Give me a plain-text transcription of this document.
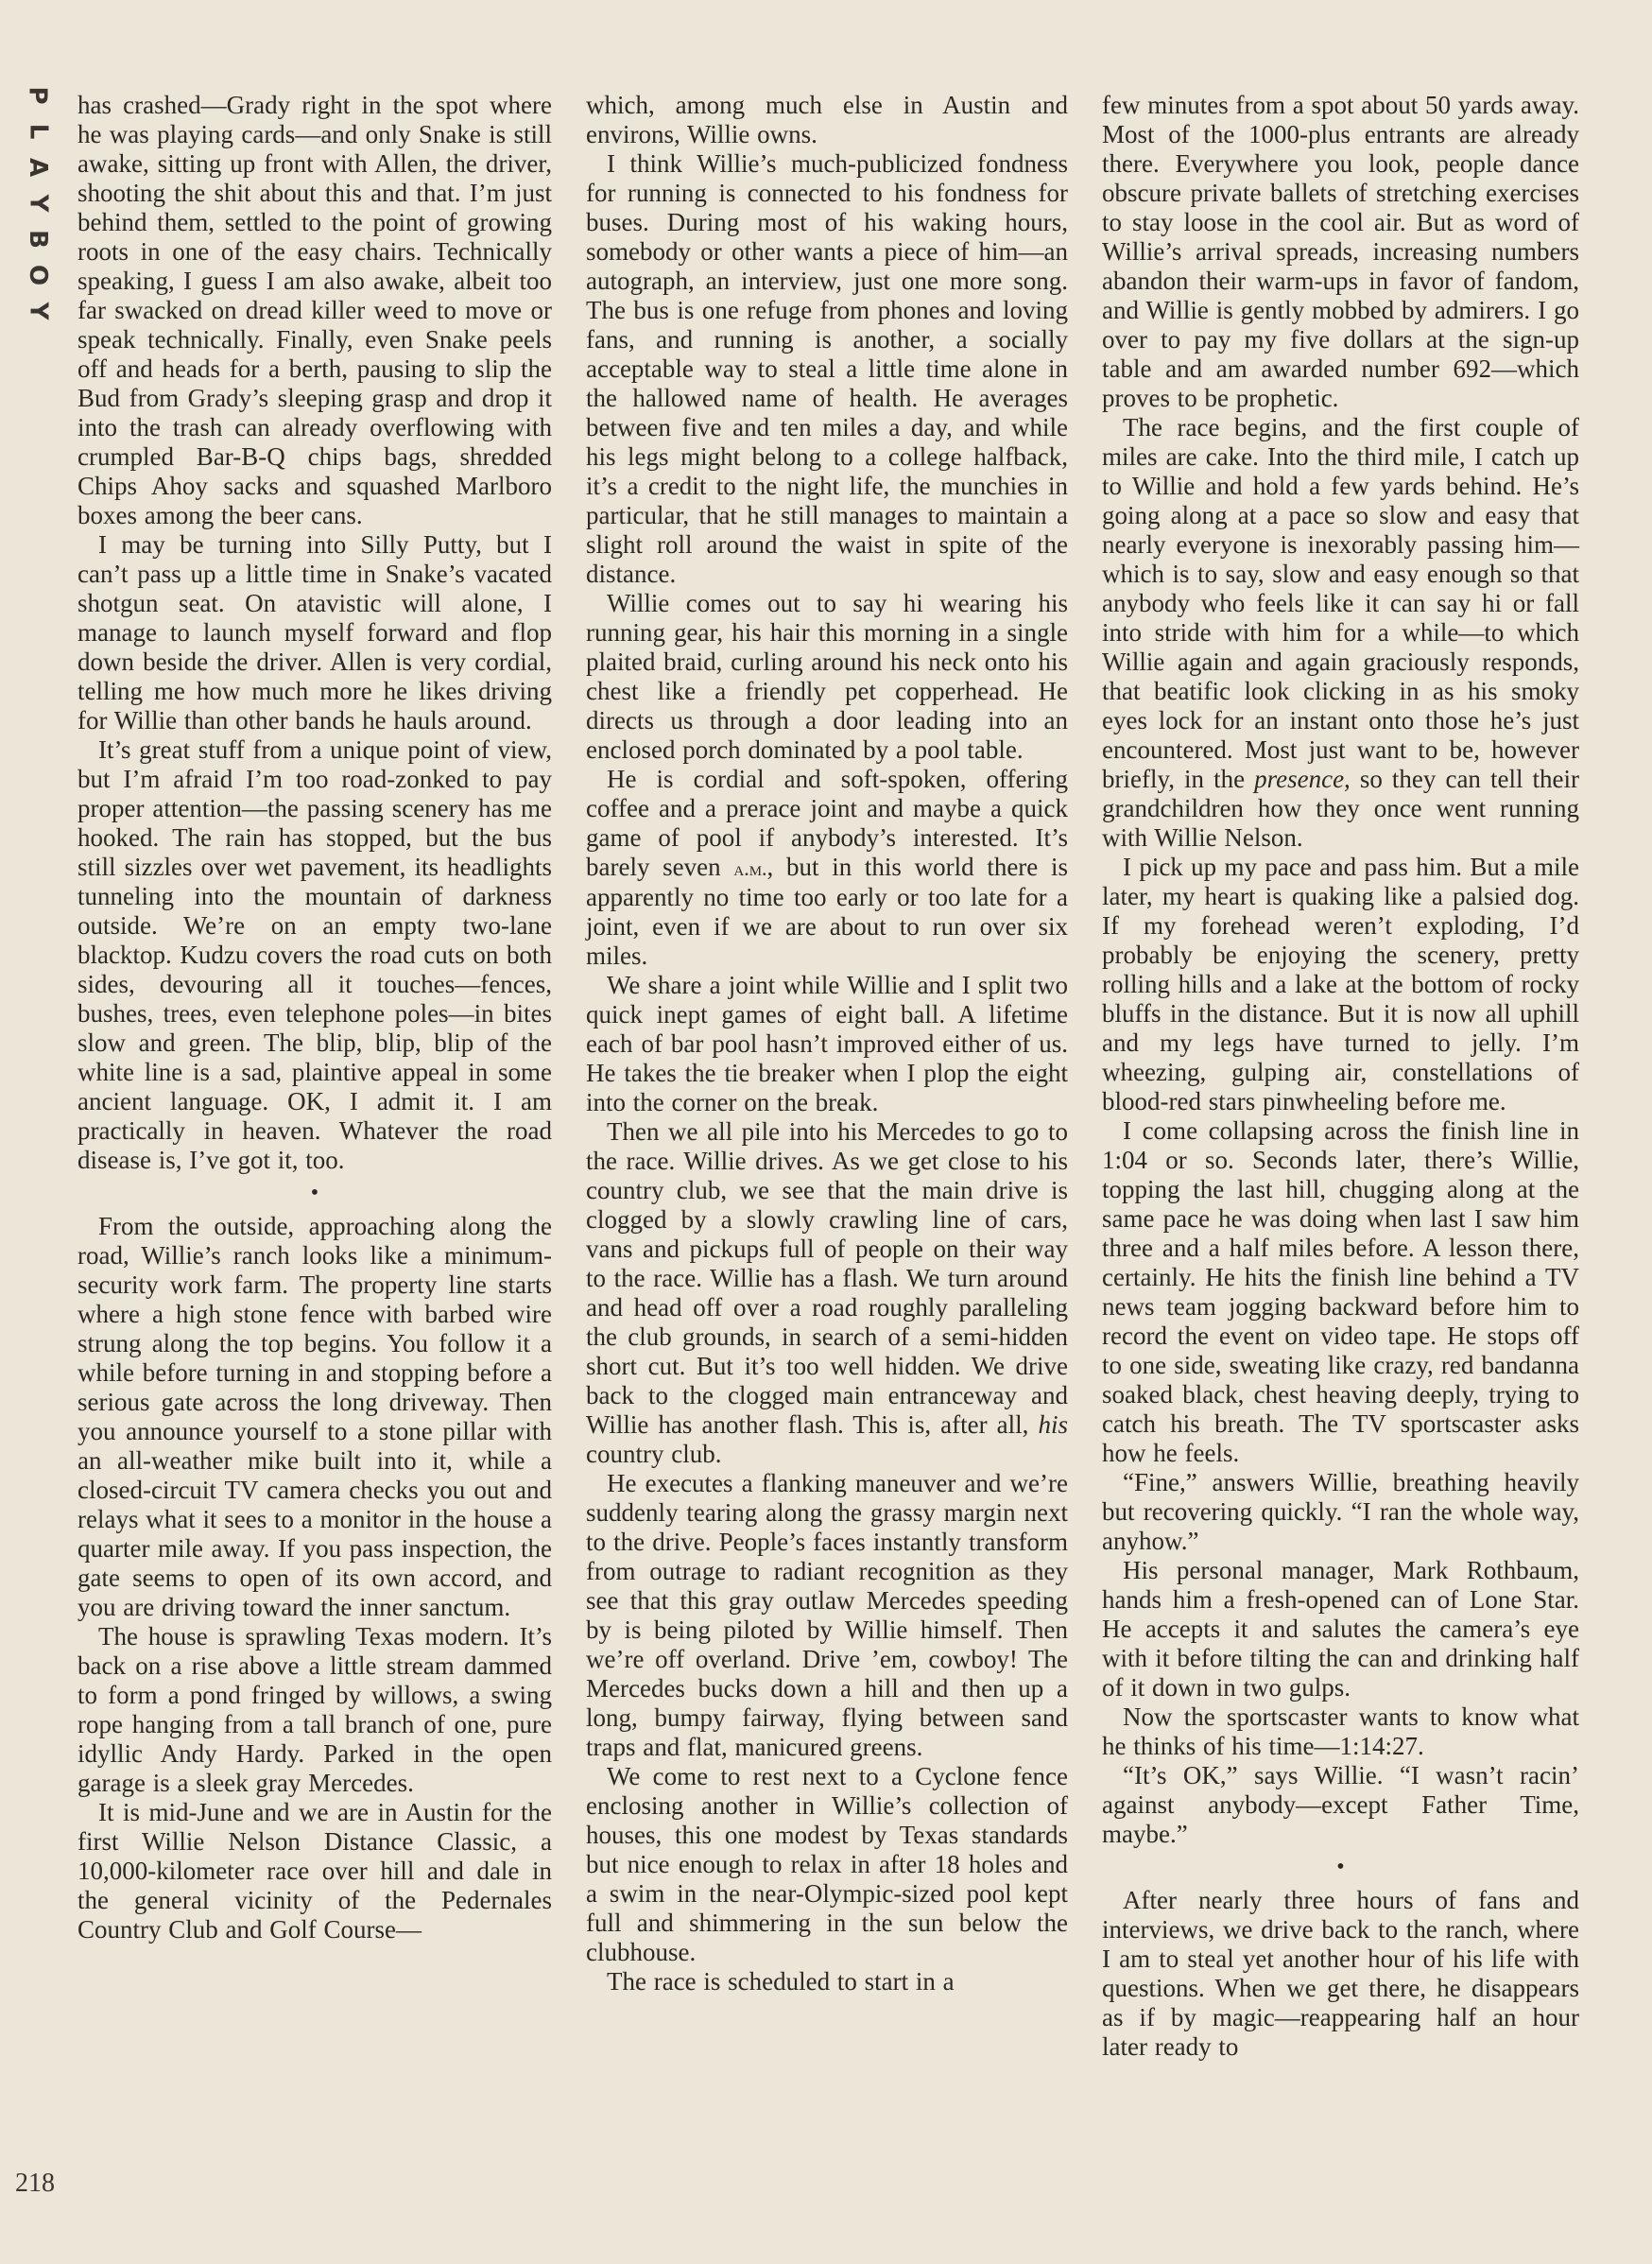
P
L
A
Y
B
O
Y
218

has crashed—Grady right in the spot where he was playing cards—and only Snake is still awake, sitting up front with Allen, the driver, shooting the shit about this and that. I’m just behind them, settled to the point of growing roots in one of the easy chairs. Technically speaking, I guess I am also awake, albeit too far swacked on dread killer weed to move or speak technically. Finally, even Snake peels off and heads for a berth, pausing to slip the Bud from Grady’s sleeping grasp and drop it into the trash can already overflowing with crumpled Bar-B-Q chips bags, shredded Chips Ahoy sacks and squashed Marlboro boxes among the beer cans.

I may be turning into Silly Putty, but I can’t pass up a little time in Snake’s vacated shotgun seat. On atavistic will alone, I manage to launch myself forward and flop down beside the driver. Allen is very cordial, telling me how much more he likes driving for Willie than other bands he hauls around.

It’s great stuff from a unique point of view, but I’m afraid I’m too road-zonked to pay proper attention—the passing scenery has me hooked. The rain has stopped, but the bus still sizzles over wet pavement, its headlights tunneling into the mountain of darkness outside. We’re on an empty two-lane blacktop. Kudzu covers the road cuts on both sides, devouring all it touches—fences, bushes, trees, even telephone poles—in bites slow and green. The blip, blip, blip of the white line is a sad, plaintive appeal in some ancient language. OK, I admit it. I am practically in heaven. Whatever the road disease is, I’ve got it, too.

•

From the outside, approaching along the road, Willie’s ranch looks like a minimum-security work farm. The property line starts where a high stone fence with barbed wire strung along the top begins. You follow it a while before turning in and stopping before a serious gate across the long driveway. Then you announce yourself to a stone pillar with an all-weather mike built into it, while a closed-circuit TV camera checks you out and relays what it sees to a monitor in the house a quarter mile away. If you pass inspection, the gate seems to open of its own accord, and you are driving toward the inner sanctum.

The house is sprawling Texas modern. It’s back on a rise above a little stream dammed to form a pond fringed by willows, a swing rope hanging from a tall branch of one, pure idyllic Andy Hardy. Parked in the open garage is a sleek gray Mercedes.

It is mid-June and we are in Austin for the first Willie Nelson Distance Classic, a 10,000-kilometer race over hill and dale in the general vicinity of the Pedernales Country Club and Golf Course—

which, among much else in Austin and environs, Willie owns.

I think Willie’s much-publicized fondness for running is connected to his fondness for buses. During most of his waking hours, somebody or other wants a piece of him—an autograph, an interview, just one more song. The bus is one refuge from phones and loving fans, and running is another, a socially acceptable way to steal a little time alone in the hallowed name of health. He averages between five and ten miles a day, and while his legs might belong to a college halfback, it’s a credit to the night life, the munchies in particular, that he still manages to maintain a slight roll around the waist in spite of the distance.

Willie comes out to say hi wearing his running gear, his hair this morning in a single plaited braid, curling around his neck onto his chest like a friendly pet copperhead. He directs us through a door leading into an enclosed porch dominated by a pool table.

He is cordial and soft-spoken, offering coffee and a prerace joint and maybe a quick game of pool if anybody’s interested. It’s barely seven a.m., but in this world there is apparently no time too early or too late for a joint, even if we are about to run over six miles.

We share a joint while Willie and I split two quick inept games of eight ball. A lifetime each of bar pool hasn’t improved either of us. He takes the tie breaker when I plop the eight into the corner on the break.

Then we all pile into his Mercedes to go to the race. Willie drives. As we get close to his country club, we see that the main drive is clogged by a slowly crawling line of cars, vans and pickups full of people on their way to the race. Willie has a flash. We turn around and head off over a road roughly paralleling the club grounds, in search of a semi-hidden short cut. But it’s too well hidden. We drive back to the clogged main entranceway and Willie has another flash. This is, after all, his country club.

He executes a flanking maneuver and we’re suddenly tearing along the grassy margin next to the drive. People’s faces instantly transform from outrage to radiant recognition as they see that this gray outlaw Mercedes speeding by is being piloted by Willie himself. Then we’re off overland. Drive ’em, cowboy! The Mercedes bucks down a hill and then up a long, bumpy fairway, flying between sand traps and flat, manicured greens.

We come to rest next to a Cyclone fence enclosing another in Willie’s collection of houses, this one modest by Texas standards but nice enough to relax in after 18 holes and a swim in the near-Olympic-sized pool kept full and shimmering in the sun below the clubhouse.

The race is scheduled to start in a

few minutes from a spot about 50 yards away. Most of the 1000-plus entrants are already there. Everywhere you look, people dance obscure private ballets of stretching exercises to stay loose in the cool air. But as word of Willie’s arrival spreads, increasing numbers abandon their warm-ups in favor of fandom, and Willie is gently mobbed by admirers. I go over to pay my five dollars at the sign-up table and am awarded number 692—which proves to be prophetic.

The race begins, and the first couple of miles are cake. Into the third mile, I catch up to Willie and hold a few yards behind. He’s going along at a pace so slow and easy that nearly everyone is inexorably passing him—which is to say, slow and easy enough so that anybody who feels like it can say hi or fall into stride with him for a while—to which Willie again and again graciously responds, that beatific look clicking in as his smoky eyes lock for an instant onto those he’s just encountered. Most just want to be, however briefly, in the presence, so they can tell their grandchildren how they once went running with Willie Nelson.

I pick up my pace and pass him. But a mile later, my heart is quaking like a palsied dog. If my forehead weren’t exploding, I’d probably be enjoying the scenery, pretty rolling hills and a lake at the bottom of rocky bluffs in the distance. But it is now all uphill and my legs have turned to jelly. I’m wheezing, gulping air, constellations of blood-red stars pinwheeling before me.

I come collapsing across the finish line in 1:04 or so. Seconds later, there’s Willie, topping the last hill, chugging along at the same pace he was doing when last I saw him three and a half miles before. A lesson there, certainly. He hits the finish line behind a TV news team jogging backward before him to record the event on video tape. He stops off to one side, sweating like crazy, red bandanna soaked black, chest heaving deeply, trying to catch his breath. The TV sportscaster asks how he feels.

“Fine,” answers Willie, breathing heavily but recovering quickly. “I ran the whole way, anyhow.”

His personal manager, Mark Rothbaum, hands him a fresh-opened can of Lone Star. He accepts it and salutes the camera’s eye with it before tilting the can and drinking half of it down in two gulps.

Now the sportscaster wants to know what he thinks of his time—1:14:27.

“It’s OK,” says Willie. “I wasn’t racin’ against anybody—except Father Time, maybe.”

•

After nearly three hours of fans and interviews, we drive back to the ranch, where I am to steal yet another hour of his life with questions. When we get there, he disappears as if by magic—reappearing half an hour later ready to
